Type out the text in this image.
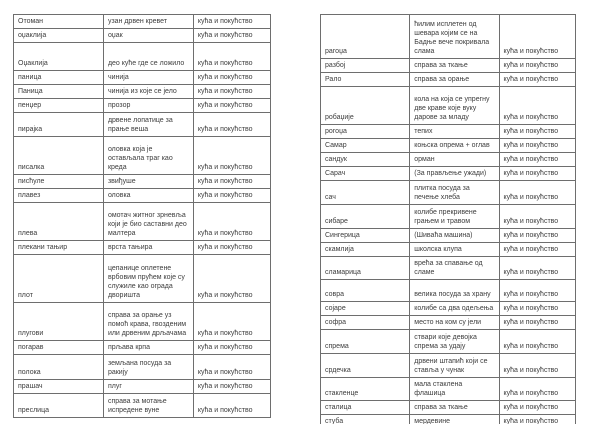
Отоман	узан дрвен кревет	кућа и покућство
оџаклија	оџак	кућа и покућство
Оџаклија	део куће где се ложило	кућа и покућство
паница	чинија	кућа и покућство
Паница	чинија из које се јело	кућа и покућство
пенџер	прозор	кућа и покућство
пирајка	дрвене лопатице за прање веша	кућа и покућство
писалка	оловка која је остављала траг као креда	кућа и покућство
писћуле	звиђуше	кућа и покућство
плавез	оловка	кућа и покућство
плева	омотач житног зрневља који је био саставни део малтера	кућа и покућство
плекани тањир	врста тањира	кућа и покућство
плот	цепанице оплетене врбовим прућем које су служиле као ограда дворишта	кућа и покућство
плугови	справа за орање уз помоћ крава, гвозденим или дрвеним дрљачама	кућа и покућство
погарав	прљава крпа	кућа и покућство
полока	земљана посуда за ракију	кућа и покућство
прашач	плуг	кућа и покућство
преслица	справа за мотање испредене вуне	кућа и покућство
рагоџа	ћилим исплетен од шевара којим се на Бадње вече покривала слама	кућа и покућство
разбој	справа за ткање	кућа и покућство
Рало	справа за орање	кућа и покућство
робаџије	кола на која се упрегну две краве које вуку дарове за младу	кућа и покућство
рогоџа	тепих	кућа и покућство
Самар	коњска опрема + оглав	кућа и покућство
сандук	орман	кућа и покућство
Сарач	(За прављење ужади)	кућа и покућство
сач	плитка посуда за печење хлеба	кућа и покућство
сибаре	колибе прекривене грањем и травом	кућа и покућство
Сингерица	(Шиваћа машина)	кућа и покућство
скамлија	школска клупа	кућа и покућство
сламарица	врећа за спавање од сламе	кућа и покућство
совра	велика посуда за храну	кућа и покућство
сојаре	колибе са два одељења	кућа и покућство
софра	место на ком су јели	кућа и покућство
спрема	ствари које девојка спрема за удају	кућа и покућство
срдечка	дрвени штапић који се ставља у чунак	кућа и покућство
стакленце	мала стаклена флашица	кућа и покућство
сталица	справа за ткање	кућа и покућство
стуба	мердевине	кућа и покућство
